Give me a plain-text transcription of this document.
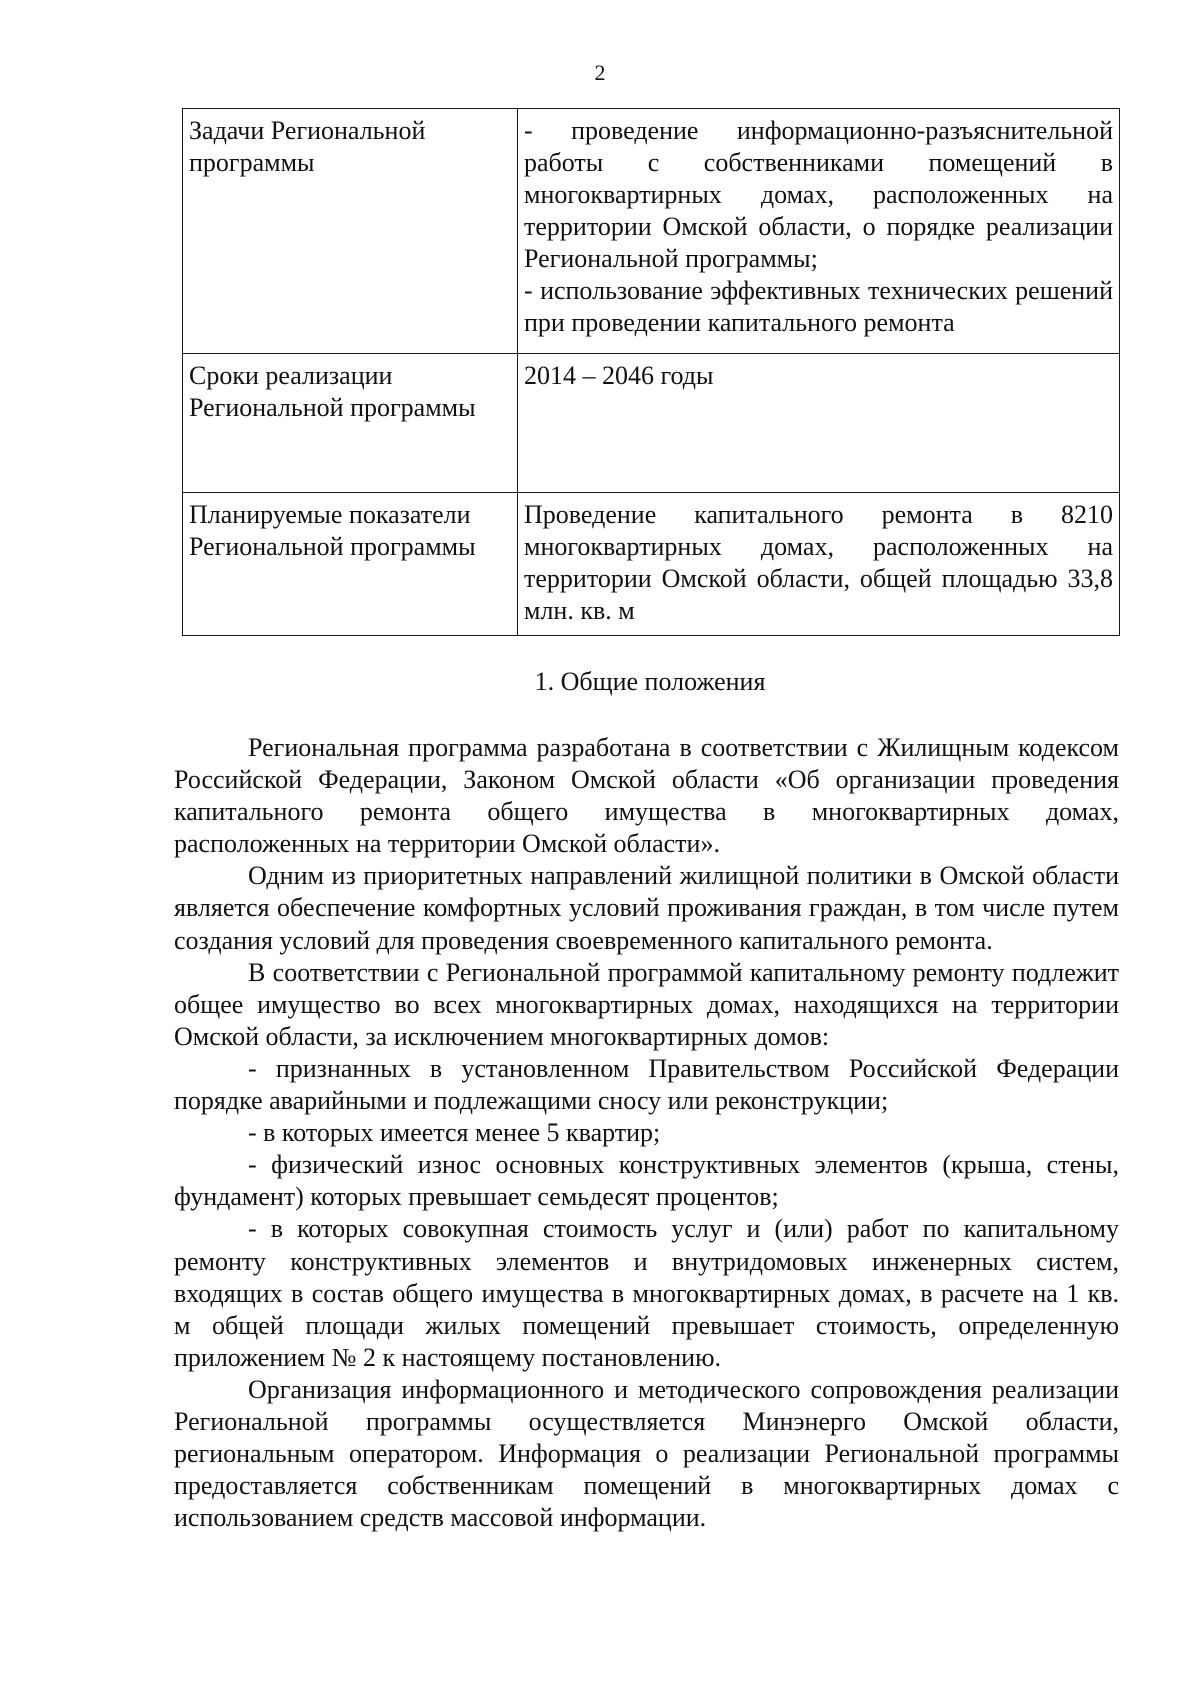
2
Задачи Региональной программы	- проведение информационно-разъяснительной работы с собственниками помещений в многоквартирных домах, расположенных на территории Омской области, о порядке реализации Региональной программы;
- использование эффективных технических решений при проведении капитального ремонта

Сроки реализации Региональной программы	2014 – 2046 годы

Планируемые показатели Региональной программы	Проведение капитального ремонта в 8210 многоквартирных домах, расположенных на территории Омской области, общей площадью 33,8 млн. кв. м
1. Общие положения

Региональная программа разработана в соответствии с Жилищным кодексом Российской Федерации, Законом Омской области «Об организации проведения капитального ремонта общего имущества в многоквартирных домах, расположенных на территории Омской области».

Одним из приоритетных направлений жилищной политики в Омской области является обеспечение комфортных условий проживания граждан, в том числе путем создания условий для проведения своевременного капитального ремонта.

В соответствии с Региональной программой капитальному ремонту подлежит общее имущество во всех многоквартирных домах, находящихся на территории Омской области, за исключением многоквартирных домов:

- признанных в установленном Правительством Российской Федерации порядке аварийными и подлежащими сносу или реконструкции;

- в которых имеется менее 5 квартир;

- физический износ основных конструктивных элементов (крыша, стены, фундамент) которых превышает семьдесят процентов;

- в которых совокупная стоимость услуг и (или) работ по капитальному ремонту конструктивных элементов и внутридомовых инженерных систем, входящих в состав общего имущества в многоквартирных домах, в расчете на 1 кв. м общей площади жилых помещений превышает стоимость, определенную приложением № 2 к настоящему постановлению.

Организация информационного и методического сопровождения реализации Региональной программы осуществляется Минэнерго Омской области, региональным оператором. Информация о реализации Региональной программы предоставляется собственникам помещений в многоквартирных домах с использованием средств массовой информации.
